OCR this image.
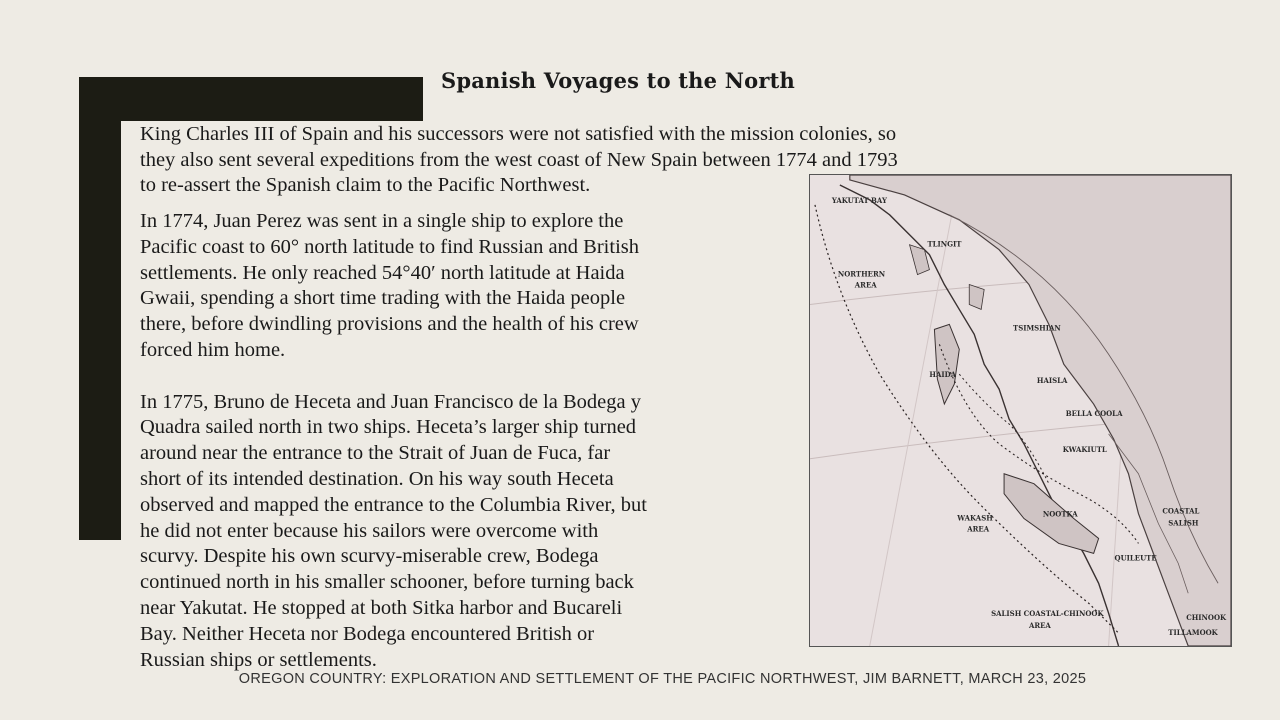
Spanish Voyages to the North

King Charles III of Spain and his successors were not satisfied with the mission colonies, so
they also sent several expeditions from the west coast of New Spain between 1774 and 1793
to re-assert the Spanish claim to the Pacific Northwest.

In 1774, Juan Perez was sent in a single ship to explore the
Pacific coast to 60° north latitude to find Russian and British
settlements. He only reached 54°40′ north latitude at Haida
Gwaii, spending a short time trading with the Haida people
there, before dwindling provisions and the health of his crew
forced him home.

In 1775, Bruno de Heceta and Juan Francisco de la Bodega y
Quadra sailed north in two ships. Heceta’s larger ship turned
around near the entrance to the Strait of Juan de Fuca, far
short of its intended destination. On his way south Heceta
observed and mapped the entrance to the Columbia River, but
he did not enter because his sailors were overcome with
scurvy. Despite his own scurvy-miserable crew, Bodega
continued north in his smaller schooner, before turning back
near Yakutat. He stopped at both Sitka harbor and Bucareli
Bay. Neither Heceta nor Bodega encountered British or
Russian ships or settlements.

YAKUTAT BAY
TLINGIT
NORTHERN
AREA
TSIMSHIAN
HAIDA
HAISLA
BELLA COOLA
KWAKIUTL
WAKASH
AREA
NOOTKA	COASTAL
SALISH
QUILEUTE
SALISH COASTAL-CHINOOK
AREA
CHINOOK
TILLAMOOK
OREGON COUNTRY: EXPLORATION AND SETTLEMENT OF THE PACIFIC NORTHWEST, JIM BARNETT, MARCH 23, 2025
